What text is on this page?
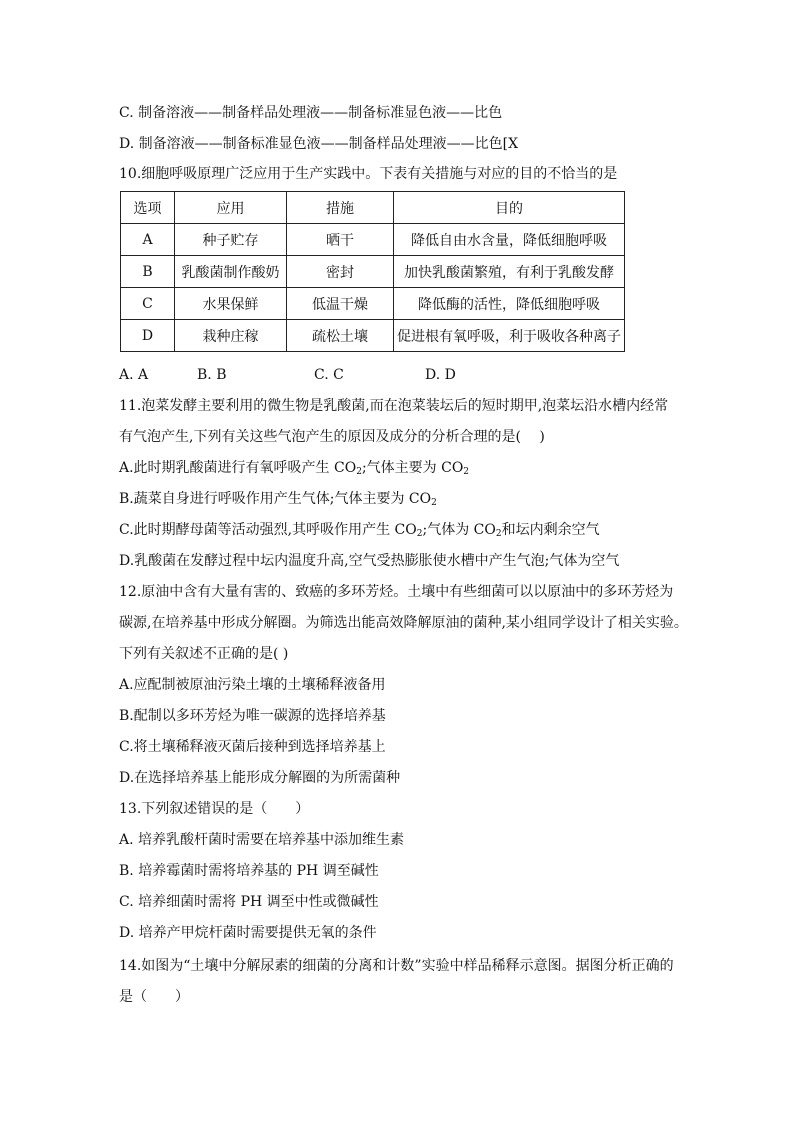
C. 制备溶液——制备样品处理液——制备标准显色液——比色
D. 制备溶液——制备标准显色液——制备样品处理液——比色[X
10.细胞呼吸原理广泛应用于生产实践中。下表有关措施与对应的目的不恰当的是
选项	应用	措施	目的
A	种子贮存	晒干	降低自由水含量，降低细胞呼吸
B	乳酸菌制作酸奶	密封	加快乳酸菌繁殖，有利于乳酸发酵
C	水果保鲜	低温干燥	降低酶的活性，降低细胞呼吸
D	栽种庄稼	疏松土壤	促进根有氧呼吸，利于吸收各种离子
A. A	B. B	C. C	D. D
11.泡菜发酵主要利用的微生物是乳酸菌,而在泡菜装坛后的短时期甲,泡菜坛沿水槽内经常
有气泡产生,下列有关这些气泡产生的原因及成分的分析合理的是(　 )
A.此时期乳酸菌进行有氧呼吸产生 $CO_2$;气体主要为 $CO_2$
B.蔬菜自身进行呼吸作用产生气体;气体主要为 $CO_2$
C.此时期酵母菌等活动强烈,其呼吸作用产生 $CO_2$;气体为 $CO_2$和坛内剩余空气
D.乳酸菌在发酵过程中坛内温度升高,空气受热膨胀使水槽中产生气泡;气体为空气
12.原油中含有大量有害的、致癌的多环芳烃。土壤中有些细菌可以以原油中的多环芳烃为
碳源,在培养基中形成分解圈。为筛选出能高效降解原油的菌种,某小组同学设计了相关实验。
下列有关叙述不正确的是( )
A.应配制被原油污染土壤的土壤稀释液备用
B.配制以多环芳烃为唯一碳源的选择培养基
C.将土壤稀释液灭菌后接种到选择培养基上
D.在选择培养基上能形成分解圈的为所需菌种
13.下列叙述错误的是（　　）
A. 培养乳酸杆菌时需要在培养基中添加维生素
B. 培养霉菌时需将培养基的 PH 调至碱性
C. 培养细菌时需将 PH 调至中性或微碱性
D. 培养产甲烷杆菌时需要提供无氧的条件
14.如图为“土壤中分解尿素的细菌的分离和计数”实验中样品稀释示意图。据图分析正确的
是（　　）
